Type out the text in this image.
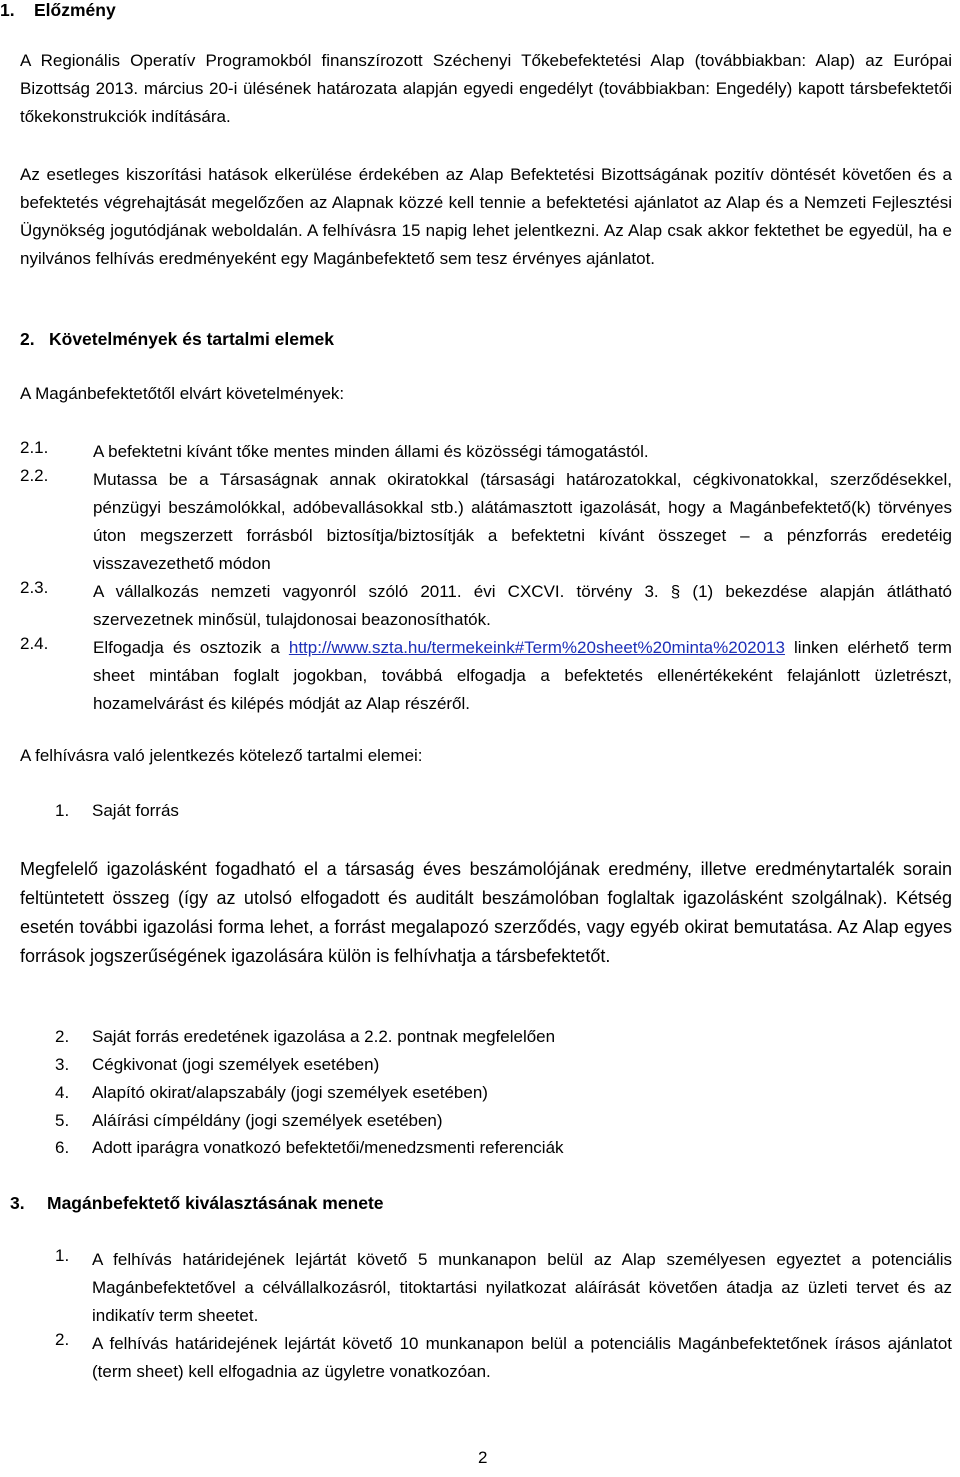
1. Előzmény

A Regionális Operatív Programokból finanszírozott Széchenyi Tőkebefektetési Alap (továbbiakban: Alap) az Európai Bizottság 2013. március 20-i ülésének határozata alapján egyedi engedélyt (továbbiakban: Engedély) kapott társbefektetői tőkekonstrukciók indítására.

Az esetleges kiszorítási hatások elkerülése érdekében az Alap Befektetési Bizottságának pozitív döntését követően és a befektetés végrehajtását megelőzően az Alapnak közzé kell tennie a befektetési ajánlatot az Alap és a Nemzeti Fejlesztési Ügynökség jogutódjának weboldalán. A felhívásra 15 napig lehet jelentkezni. Az Alap csak akkor fektethet be egyedül, ha e nyilvános felhívás eredményeként egy Magánbefektető sem tesz érvényes ajánlatot.

2. Követelmények és tartalmi elemek
A Magánbefektetőtől elvárt követelmények:
2.1.	A befektetni kívánt tőke mentes minden állami és közösségi támogatástól.

2.2.	Mutassa be a Társaságnak annak okiratokkal (társasági határozatokkal, cégkivonatokkal, szerződésekkel, pénzügyi beszámolókkal, adóbevallásokkal stb.) alátámasztott igazolását, hogy a Magánbefektető(k) törvényes úton megszerzett forrásból biztosítja/biztosítják a befektetni kívánt összeget – a pénzforrás eredetéig visszavezethető módon

2.3.	A vállalkozás nemzeti vagyonról szóló 2011. évi CXCVI. törvény 3. § (1) bekezdése alapján átlátható szervezetnek minősül, tulajdonosai beazonosíthatók.

2.4.	Elfogadja és osztozik a http://www.szta.hu/termekeink#Term%20sheet%20minta%202013 linken elérhető term sheet mintában foglalt jogokban, továbbá elfogadja a befektetés ellenértékeként felajánlott üzletrészt, hozamelvárást és kilépés módját az Alap részéről.

A felhívásra való jelentkezés kötelező tartalmi elemei:
1. Saját forrás

Megfelelő igazolásként fogadható el a társaság éves beszámolójának eredmény, illetve eredménytartalék sorain feltüntetett összeg (így az utolsó elfogadott és auditált beszámolóban foglaltak igazolásként szolgálnak). Kétség esetén további igazolási forma lehet, a forrást megalapozó szerződés, vagy egyéb okirat bemutatása. Az Alap egyes források jogszerűségének igazolására külön is felhívhatja a társbefektetőt.

2. Saját forrás eredetének igazolása a 2.2. pontnak megfelelően
3. Cégkivonat (jogi személyek esetében)
4. Alapító okirat/alapszabály (jogi személyek esetében)
5. Aláírási címpéldány (jogi személyek esetében)
6. Adott iparágra vonatkozó befektetői/menedzsmenti referenciák
3. Magánbefektető kiválasztásának menete
1. A felhívás határidejének lejártát követő 5 munkanapon belül az Alap személyesen egyeztet a potenciális Magánbefektetővel a célvállalkozásról, titoktartási nyilatkozat aláírását követően átadja az üzleti tervet és az indikatív term sheetet.

2. A felhívás határidejének lejártát követő 10 munkanapon belül a potenciális Magánbefektetőnek írásos ajánlatot (term sheet) kell elfogadnia az ügyletre vonatkozóan.

2
